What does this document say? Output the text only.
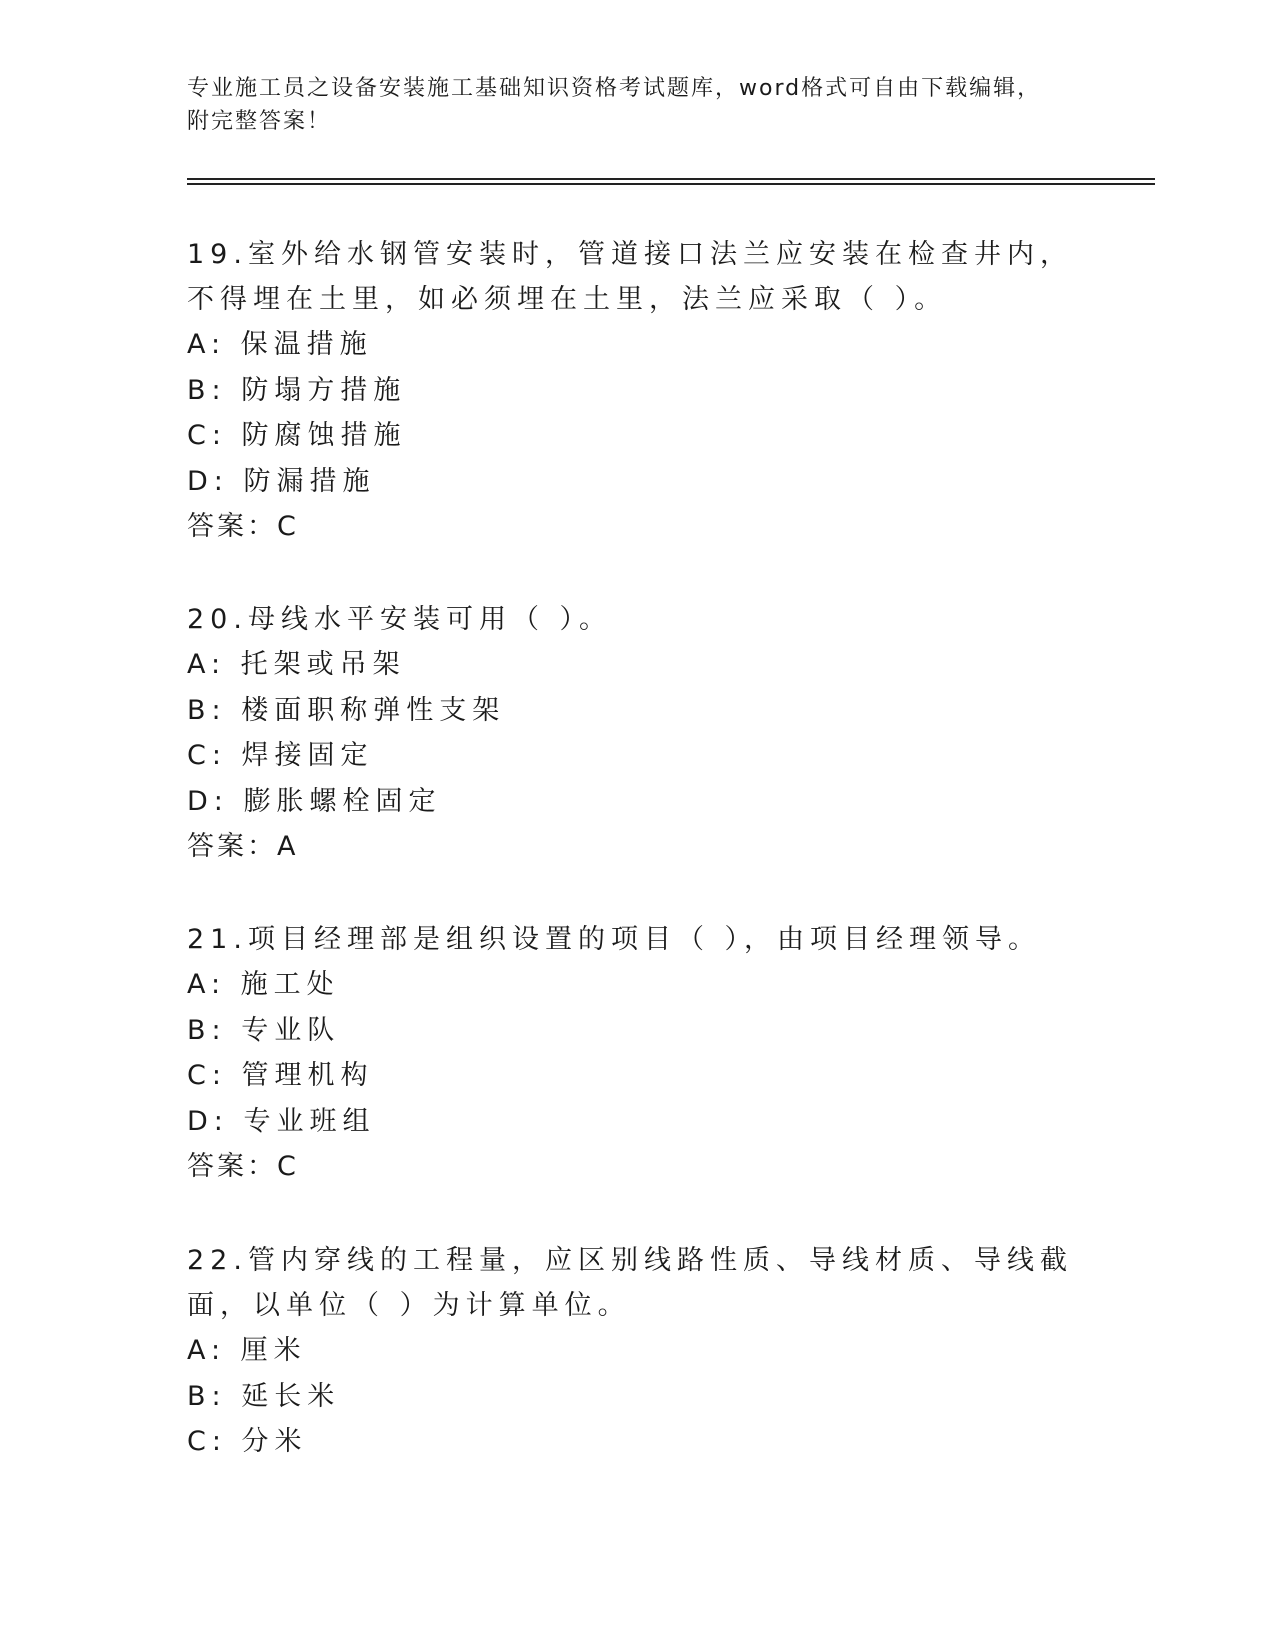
专业施工员之设备安装施工基础知识资格考试题库，word格式可自由下载编辑，
附完整答案！

19.室外给水钢管安装时，管道接口法兰应安装在检查井内，不得埋在土里，如必须埋在土里，法兰应采取（ ）。

A: 保温措施

B: 防塌方措施

C: 防腐蚀措施

D: 防漏措施

答案：C

20.母线水平安装可用（ ）。

A: 托架或吊架

B: 楼面职称弹性支架

C: 焊接固定

D: 膨胀螺栓固定

答案：A

21.项目经理部是组织设置的项目（ ），由项目经理领导。

A: 施工处

B: 专业队

C: 管理机构

D: 专业班组

答案：C

22.管内穿线的工程量，应区别线路性质、导线材质、导线截面，以单位（ ）为计算单位。

A: 厘米

B: 延长米

C: 分米
